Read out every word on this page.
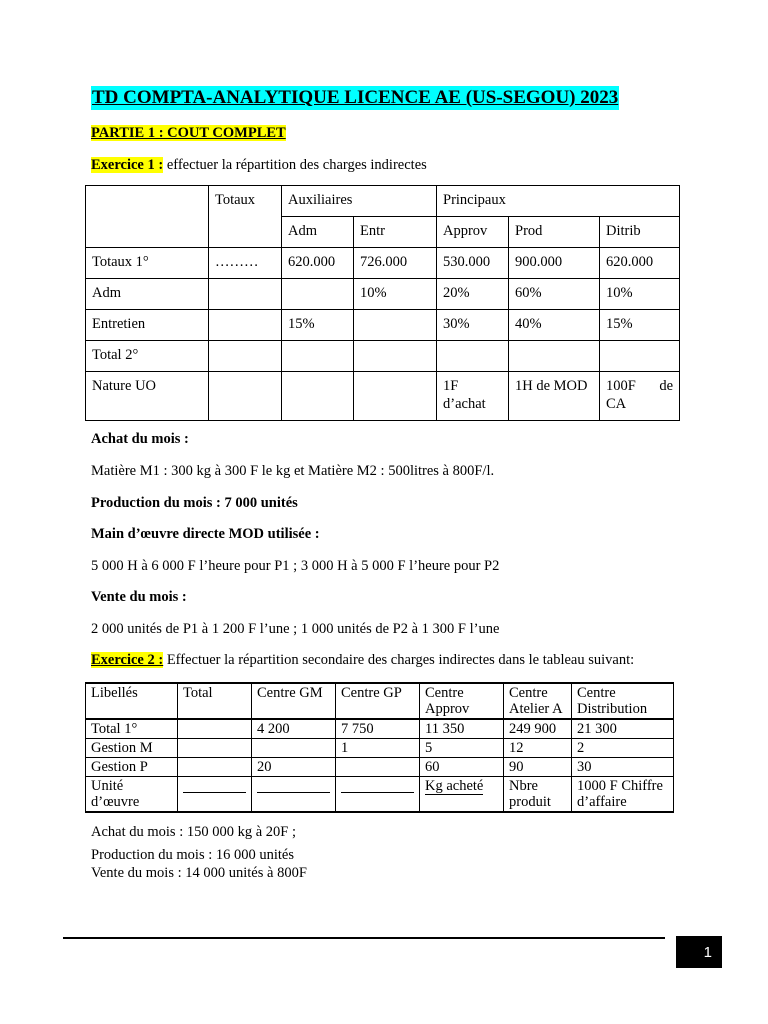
TD COMPTA-ANALYTIQUE LICENCE AE (US-SEGOU) 2023
PARTIE 1 : COUT COMPLET
Exercice 1 : effectuer la répartition des charges indirectes
	Totaux	Auxiliaires		Principaux		
		Adm	Entr	Approv	Prod	Ditrib
Totaux 1°	………	620.000	726.000	530.000	900.000	620.000
Adm			10%	20%	60%	10%
Entretien		15%		30%	40%	15%
Total 2°						
Nature UO				1F d’achat	1H de MOD	100F de
CA
Achat du mois :
Matière M1 : 300 kg à 300 F le kg et Matière M2 : 500litres à 800F/l.
Production du mois : 7 000 unités
Main d’œuvre directe MOD utilisée :
5 000 H à 6 000 F l’heure pour P1 ; 3 000 H à 5 000 F l’heure pour P2
Vente du mois :
2 000 unités de P1 à 1 200 F l’une ; 1 000 unités de P2 à 1 300 F l’une
Exercice 2 : Effectuer la répartition secondaire des charges indirectes dans le tableau suivant:
Libellés	Total	Centre GM	Centre GP	Centre Approv	Centre Atelier A	Centre Distribution
Total 1°		4 200	7 750	11 350	249 900	21 300
Gestion M			1	5	12	2
Gestion P		20		60	90	30
Unité d’œuvre				Kg acheté	Nbre produit	1000 F Chiffre d’affaire
Achat du mois : 150 000 kg à 20F ;
Production du mois : 16 000 unités
Vente du mois : 14 000 unités à 800F
1
